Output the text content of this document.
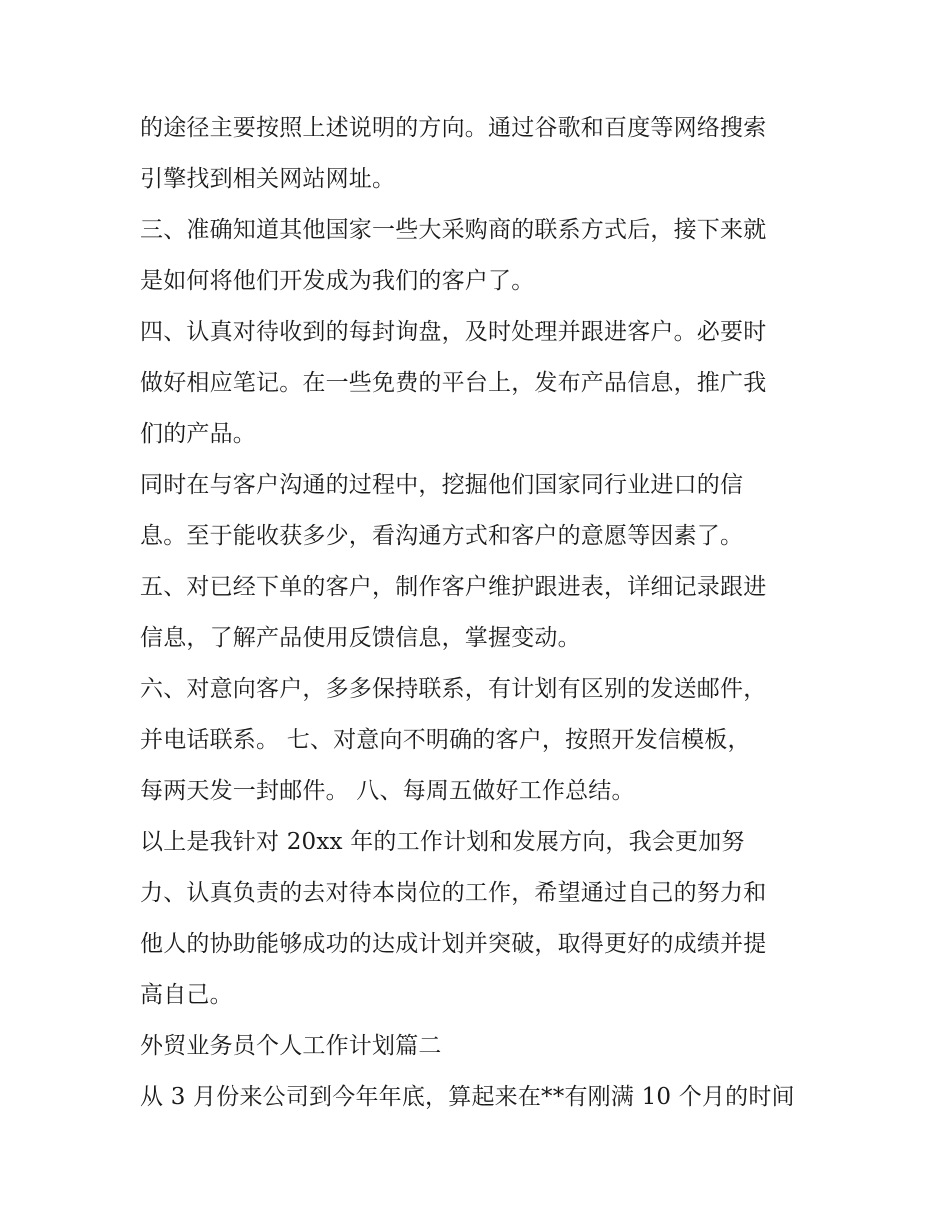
的途径主要按照上述说明的方向。通过谷歌和百度等网络搜索
引擎找到相关网站网址。
三、准确知道其他国家一些大采购商的联系方式后，接下来就
是如何将他们开发成为我们的客户了。
四、认真对待收到的每封询盘，及时处理并跟进客户。必要时
做好相应笔记。在一些免费的平台上，发布产品信息，推广我
们的产品。
同时在与客户沟通的过程中，挖掘他们国家同行业进口的信
息。至于能收获多少，看沟通方式和客户的意愿等因素了。
五、对已经下单的客户，制作客户维护跟进表，详细记录跟进
信息，了解产品使用反馈信息，掌握变动。
六、对意向客户，多多保持联系，有计划有区别的发送邮件，
并电话联系。 七、对意向不明确的客户，按照开发信模板，
每两天发一封邮件。 八、每周五做好工作总结。
以上是我针对 20xx 年的工作计划和发展方向，我会更加努
力、认真负责的去对待本岗位的工作，希望通过自己的努力和
他人的协助能够成功的达成计划并突破，取得更好的成绩并提
高自己。
外贸业务员个人工作计划篇二
从 3 月份来公司到今年年底，算起来在**有刚满 10 个月的时间
